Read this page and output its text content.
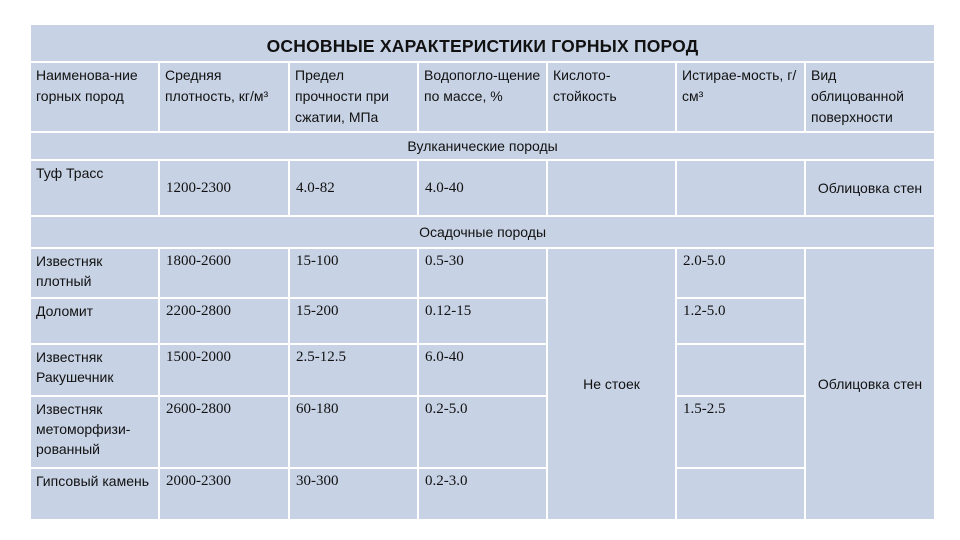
ОСНОВНЫЕ ХАРАКТЕРИСТИКИ ГОРНЫХ ПОРОД						
Наименова-ние горных пород	Средняя плотность, кг/м³	Предел прочности при сжатии, МПа	Водопогло-щение по массе, %	Кислото-стойкость	Истирае-мость, г/см³	Вид облицованной поверхности
Вулканические породы						
Туф Трасс	1200-2300	4.0-82	4.0-40			Облицовка стен
Осадочные породы						
Известняк плотный	1800-2600	15-100	0.5-30	Не стоек	2.0-5.0	Облицовка стен
Доломит	2200-2800	15-200	0.12-15		1.2-5.0	
Известняк Ракушечник	1500-2000	2.5-12.5	6.0-40			
Известняк метоморфизи-рованный	2600-2800	60-180	0.2-5.0		1.5-2.5	
Гипсовый камень	2000-2300	30-300	0.2-3.0			
